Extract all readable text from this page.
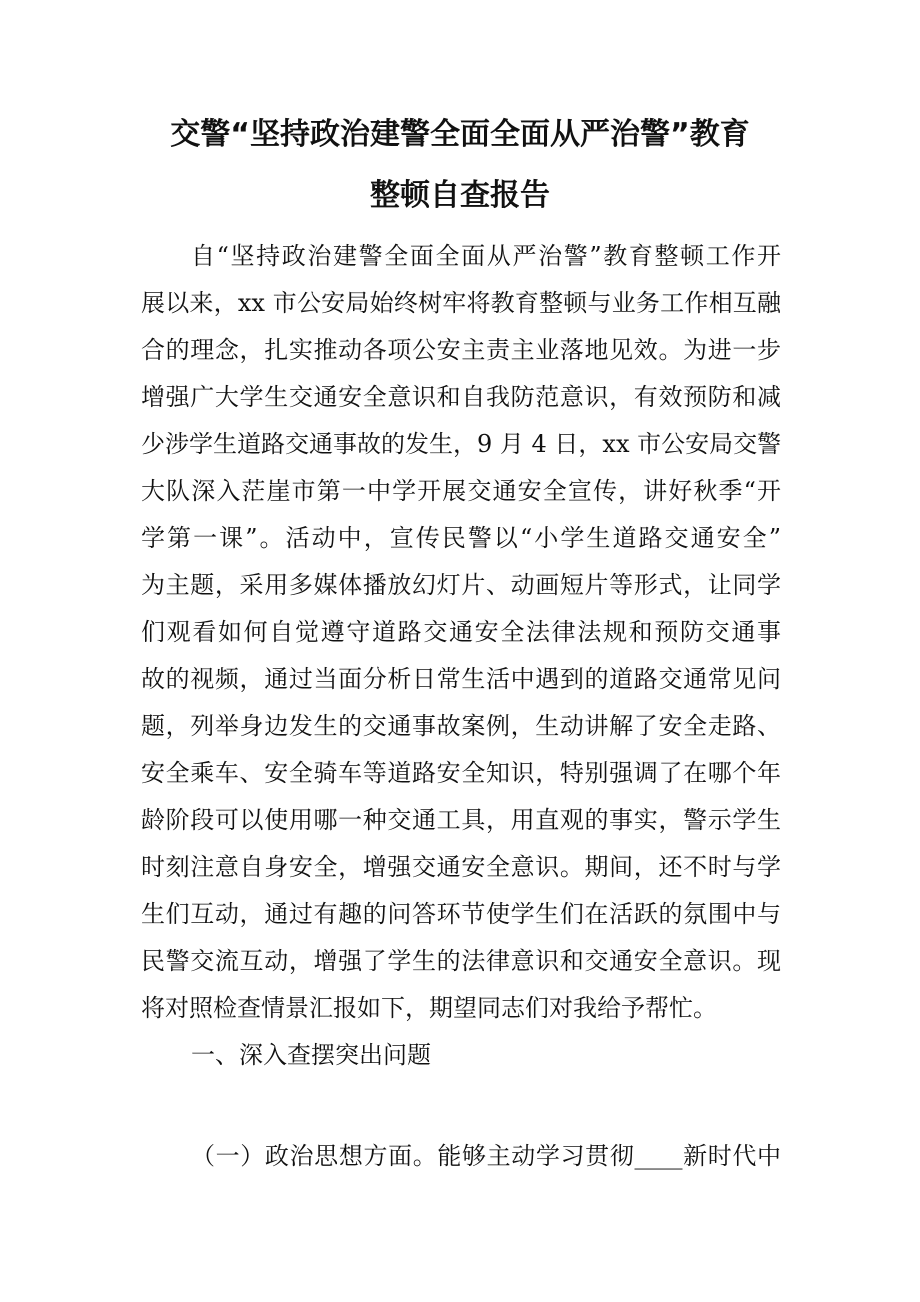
交警“坚持政治建警全面全面从严治警”教育
整顿自查报告
自“坚持政治建警全面全面从严治警”教育整顿工作开
展以来，xx 市公安局始终树牢将教育整顿与业务工作相互融
合的理念，扎实推动各项公安主责主业落地见效。为进一步
增强广大学生交通安全意识和自我防范意识，有效预防和减
少涉学生道路交通事故的发生，9 月 4 日，xx 市公安局交警
大队深入茫崖市第一中学开展交通安全宣传，讲好秋季“开
学第一课”。活动中，宣传民警以“小学生道路交通安全”
为主题，采用多媒体播放幻灯片、动画短片等形式，让同学
们观看如何自觉遵守道路交通安全法律法规和预防交通事
故的视频，通过当面分析日常生活中遇到的道路交通常见问
题，列举身边发生的交通事故案例，生动讲解了安全走路、
安全乘车、安全骑车等道路安全知识，特别强调了在哪个年
龄阶段可以使用哪一种交通工具，用直观的事实，警示学生
时刻注意自身安全，增强交通安全意识。期间，还不时与学
生们互动，通过有趣的问答环节使学生们在活跃的氛围中与
民警交流互动，增强了学生的法律意识和交通安全意识。现
将对照检查情景汇报如下，期望同志们对我给予帮忙。
一、深入查摆突出问题
（一）政治思想方面。能够主动学习贯彻____新时代中
